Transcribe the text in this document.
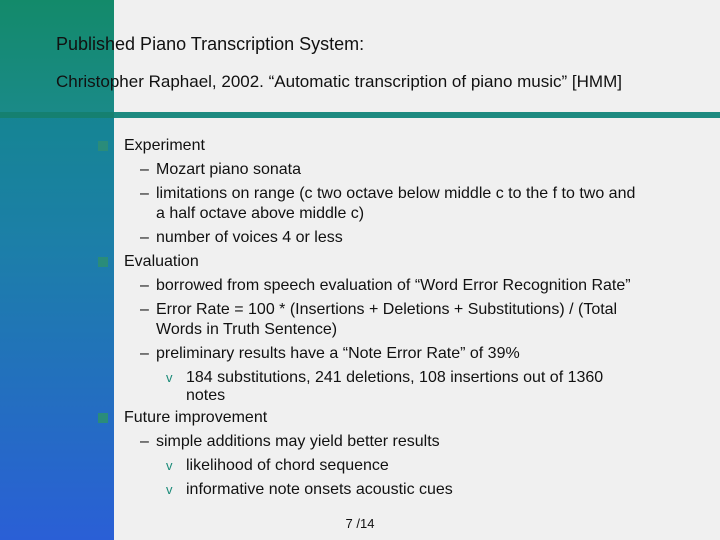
Published Piano Transcription System:
Christopher Raphael, 2002. “Automatic transcription of piano music” [HMM]
Experiment
– Mozart piano sonata
– limitations on range (c two octave below middle c to the f to two and
a half octave above middle c)
– number of voices 4 or less
Evaluation
– borrowed from speech evaluation of “Word Error Recognition Rate”
– Error Rate = 100 * (Insertions + Deletions + Substitutions) / (Total
Words in Truth Sentence)
– preliminary results have a “Note Error Rate” of 39%
v 184 substitutions, 241 deletions, 108 insertions out of 1360
notes
Future improvement
– simple additions may yield better results
v likelihood of chord sequence
v informative note onsets acoustic cues
7 /14
